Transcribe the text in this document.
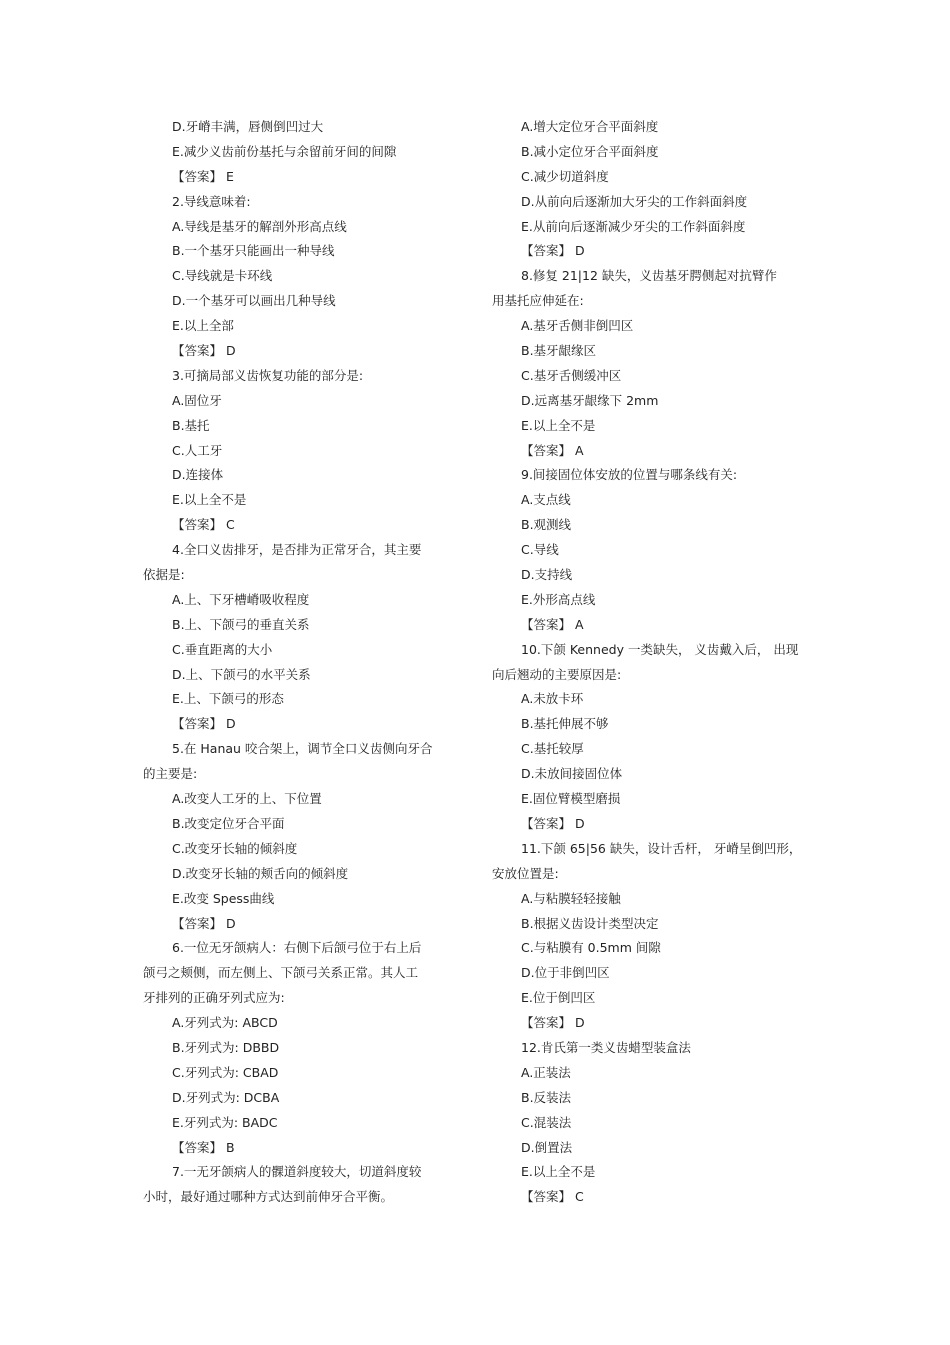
D.牙嵴丰满，唇侧倒凹过大
E.减少义齿前份基托与余留前牙间的间隙
【答案】 E
2.导线意味着:
A.导线是基牙的解剖外形高点线
B.一个基牙只能画出一种导线
C.导线就是卡环线
D.一个基牙可以画出几种导线
E.以上全部
【答案】 D
3.可摘局部义齿恢复功能的部分是:
A.固位牙
B.基托
C.人工牙
D.连接体
E.以上全不是
【答案】 C
4.全口义齿排牙，是否排为正常牙合，其主要
依据是:
A.上、下牙槽嵴吸收程度
B.上、下颌弓的垂直关系
C.垂直距离的大小
D.上、下颌弓的水平关系
E.上、下颌弓的形态
【答案】 D
5.在 Hanau 咬合架上，调节全口义齿侧向牙合
的主要是:
A.改变人工牙的上、下位置
B.改变定位牙合平面
C.改变牙长轴的倾斜度
D.改变牙长轴的颊舌向的倾斜度
E.改变 Spess曲线
【答案】 D
6.一位无牙颌病人：右侧下后颌弓位于右上后
颌弓之颊侧，而左侧上、下颌弓关系正常。其人工
牙排列的正确牙列式应为:
A.牙列式为: ABCD
B.牙列式为: DBBD
C.牙列式为: CBAD
D.牙列式为: DCBA
E.牙列式为: BADC
【答案】 B
7.一无牙颌病人的髁道斜度较大，切道斜度较
小时，最好通过哪种方式达到前伸牙合平衡。
A.增大定位牙合平面斜度
B.减小定位牙合平面斜度
C.减少切道斜度
D.从前向后逐渐加大牙尖的工作斜面斜度
E.从前向后逐渐减少牙尖的工作斜面斜度
【答案】 D
8.修复 21|12 缺失，义齿基牙腭侧起对抗臂作
用基托应伸延在:
A.基牙舌侧非倒凹区
B.基牙龈缘区
C.基牙舌侧缓冲区
D.远离基牙龈缘下 2mm
E.以上全不是
【答案】 A
9.间接固位体安放的位置与哪条线有关:
A.支点线
B.观测线
C.导线
D.支持线
E.外形高点线
【答案】 A
10.下颌 Kennedy 一类缺失， 义齿戴入后， 出现
向后翘动的主要原因是:
A.未放卡环
B.基托伸展不够
C.基托较厚
D.未放间接固位体
E.固位臂模型磨损
【答案】 D
11.下颌 65|56 缺失，设计舌杆， 牙嵴呈倒凹形，
安放位置是:
A.与粘膜轻轻接触
B.根据义齿设计类型决定
C.与粘膜有 0.5mm 间隙
D.位于非倒凹区
E.位于倒凹区
【答案】 D
12.肯氏第一类义齿蜡型装盒法
A.正装法
B.反装法
C.混装法
D.倒置法
E.以上全不是
【答案】 C
